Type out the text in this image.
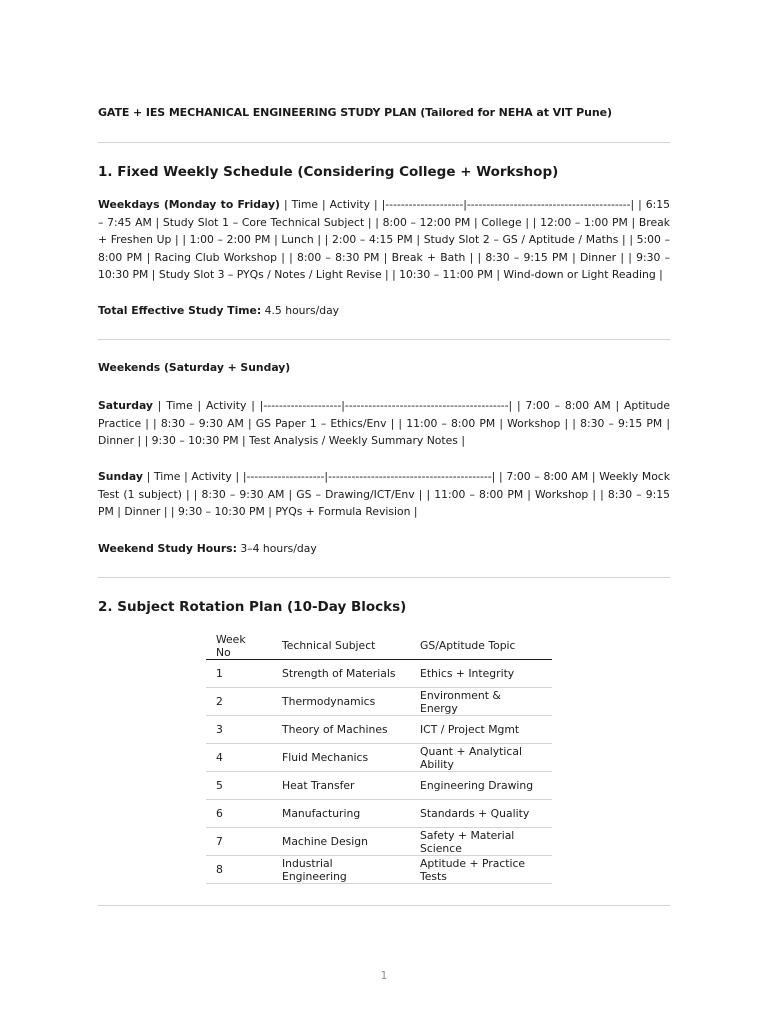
GATE + IES MECHANICAL ENGINEERING STUDY PLAN (Tailored for NEHA at VIT Pune)
1. Fixed Weekly Schedule (Considering College + Workshop)
Weekdays (Monday to Friday) | Time | Activity | |--------------------|------------------------------------------| | 6:15 – 7:45 AM | Study Slot 1 – Core Technical Subject | | 8:00 – 12:00 PM | College | | 12:00 – 1:00 PM | Break + Freshen Up | | 1:00 – 2:00 PM | Lunch | | 2:00 – 4:15 PM | Study Slot 2 – GS / Aptitude / Maths | | 5:00 – 8:00 PM | Racing Club Workshop | | 8:00 – 8:30 PM | Break + Bath | | 8:30 – 9:15 PM | Dinner | | 9:30 – 10:30 PM | Study Slot 3 – PYQs / Notes / Light Revise | | 10:30 – 11:00 PM | Wind-down or Light Reading |
Total Effective Study Time: 4.5 hours/day
Weekends (Saturday + Sunday)
Saturday | Time | Activity | |--------------------|------------------------------------------| | 7:00 – 8:00 AM | Aptitude Practice | | 8:30 – 9:30 AM | GS Paper 1 – Ethics/Env | | 11:00 – 8:00 PM | Workshop | | 8:30 – 9:15 PM | Dinner | | 9:30 – 10:30 PM | Test Analysis / Weekly Summary Notes |
Sunday | Time | Activity | |--------------------|------------------------------------------| | 7:00 – 8:00 AM | Weekly Mock Test (1 subject) | | 8:30 – 9:30 AM | GS – Drawing/ICT/Env | | 11:00 – 8:00 PM | Workshop | | 8:30 – 9:15 PM | Dinner | | 9:30 – 10:30 PM | PYQs + Formula Revision |
Weekend Study Hours: 3–4 hours/day
2. Subject Rotation Plan (10-Day Blocks)
Week No	Technical Subject	GS/Aptitude Topic
1	Strength of Materials	Ethics + Integrity
2	Thermodynamics	Environment & Energy
3	Theory of Machines	ICT / Project Mgmt
4	Fluid Mechanics	Quant + Analytical Ability
5	Heat Transfer	Engineering Drawing
6	Manufacturing	Standards + Quality
7	Machine Design	Safety + Material Science
8	Industrial Engineering	Aptitude + Practice Tests
1
